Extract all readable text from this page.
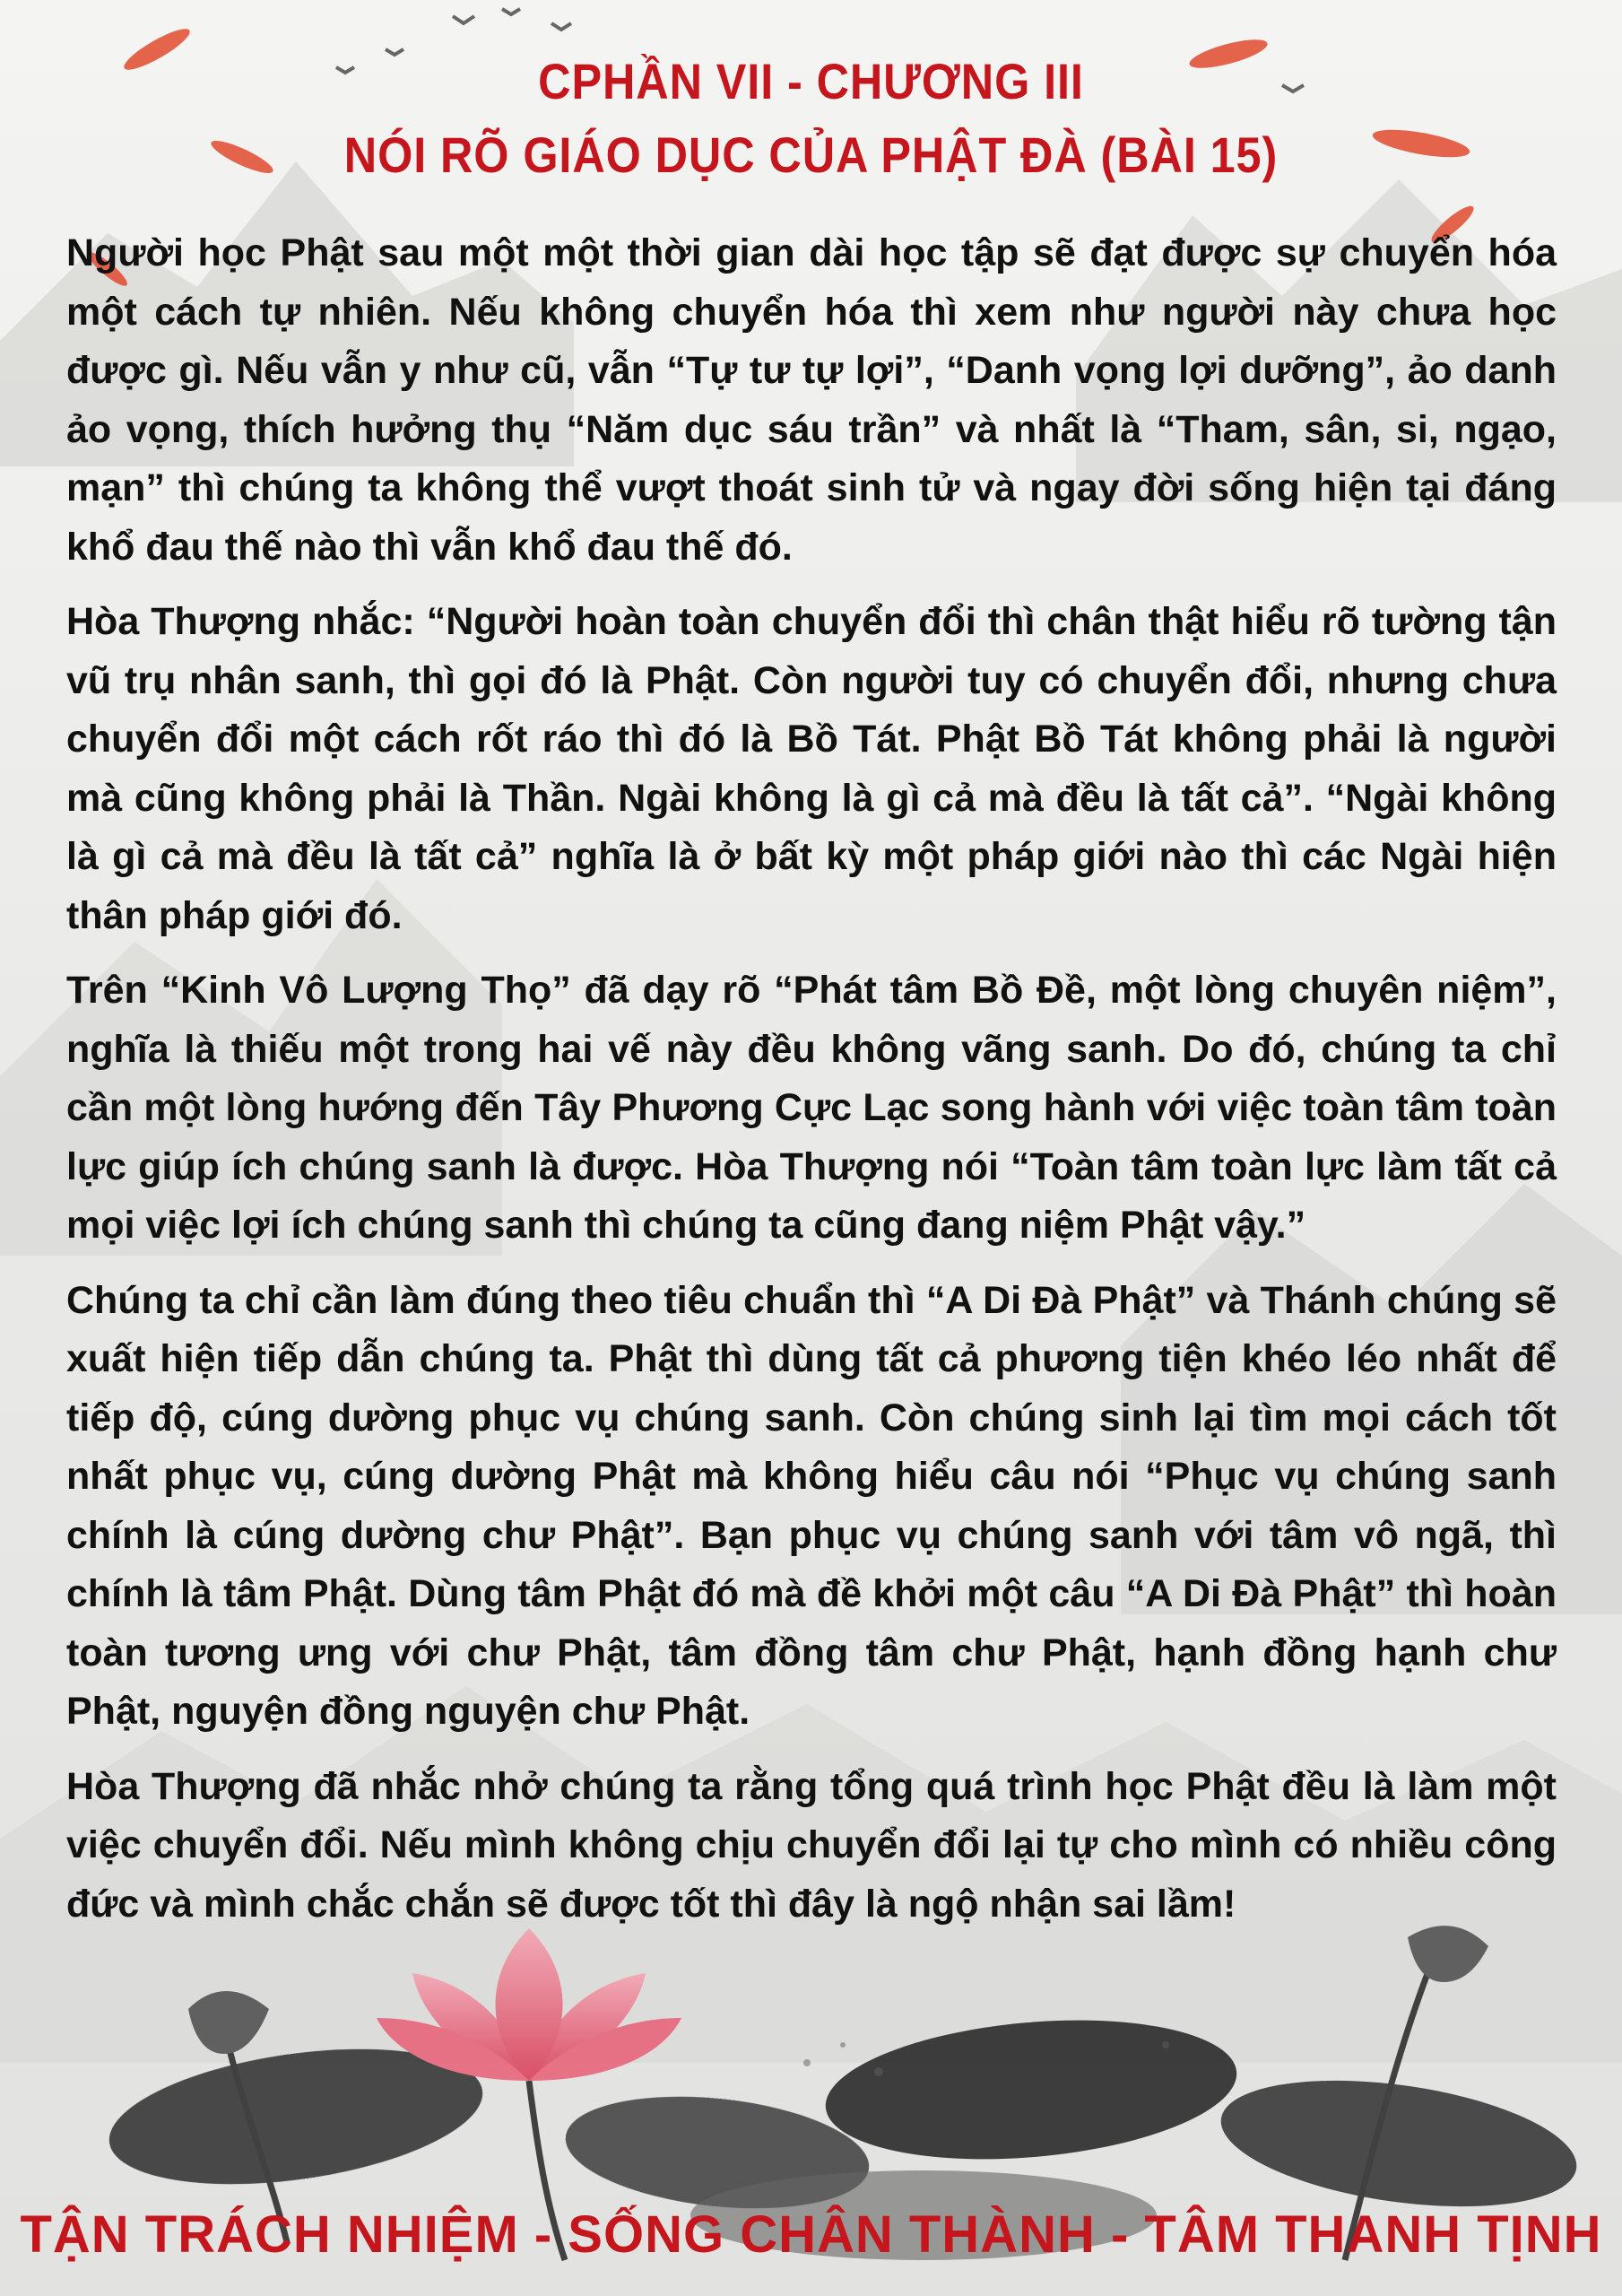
CPHẦN VII - CHƯƠNG III
NÓI RÕ GIÁO DỤC CỦA PHẬT ĐÀ (BÀI 15)

Người học Phật sau một một thời gian dài học tập sẽ đạt được sự chuyển hóa một cách tự nhiên. Nếu không chuyển hóa thì xem như người này chưa học được gì. Nếu vẫn y như cũ, vẫn “Tự tư tự lợi”, “Danh vọng lợi dưỡng”, ảo danh ảo vọng, thích hưởng thụ “Năm dục sáu trần” và nhất là “Tham, sân, si, ngạo, mạn” thì chúng ta không thể vượt thoát sinh tử và ngay đời sống hiện tại đáng khổ đau thế nào thì vẫn khổ đau thế đó.

Hòa Thượng nhắc: “Người hoàn toàn chuyển đổi thì chân thật hiểu rõ tường tận vũ trụ nhân sanh, thì gọi đó là Phật. Còn người tuy có chuyển đổi, nhưng chưa chuyển đổi một cách rốt ráo thì đó là Bồ Tát. Phật Bồ Tát không phải là người mà cũng không phải là Thần. Ngài không là gì cả mà đều là tất cả”. “Ngài không là gì cả mà đều là tất cả” nghĩa là ở bất kỳ một pháp giới nào thì các Ngài hiện thân pháp giới đó.

Trên “Kinh Vô Lượng Thọ” đã dạy rõ “Phát tâm Bồ Đề, một lòng chuyên niệm”, nghĩa là thiếu một trong hai vế này đều không vãng sanh. Do đó, chúng ta chỉ cần một lòng hướng đến Tây Phương Cực Lạc song hành với việc toàn tâm toàn lực giúp ích chúng sanh là được. Hòa Thượng nói “Toàn tâm toàn lực làm tất cả mọi việc lợi ích chúng sanh thì chúng ta cũng đang niệm Phật vậy.”

Chúng ta chỉ cần làm đúng theo tiêu chuẩn thì “A Di Đà Phật” và Thánh chúng sẽ xuất hiện tiếp dẫn chúng ta. Phật thì dùng tất cả phương tiện khéo léo nhất để tiếp độ, cúng dường phục vụ chúng sanh. Còn chúng sinh lại tìm mọi cách tốt nhất phục vụ, cúng dường Phật mà không hiểu câu nói “Phục vụ chúng sanh chính là cúng dường chư Phật”. Bạn phục vụ chúng sanh với tâm vô ngã, thì chính là tâm Phật. Dùng tâm Phật đó mà đề khởi một câu “A Di Đà Phật” thì hoàn toàn tương ưng với chư Phật, tâm đồng tâm chư Phật, hạnh đồng hạnh chư Phật, nguyện đồng nguyện chư Phật.

Hòa Thượng đã nhắc nhở chúng ta rằng tổng quá trình học Phật đều là làm một việc chuyển đổi. Nếu mình không chịu chuyển đổi lại tự cho mình có nhiều công đức và mình chắc chắn sẽ được tốt thì đây là ngộ nhận sai lầm!

TẬN TRÁCH NHIỆM - SỐNG CHÂN THÀNH - TÂM THANH TỊNH
